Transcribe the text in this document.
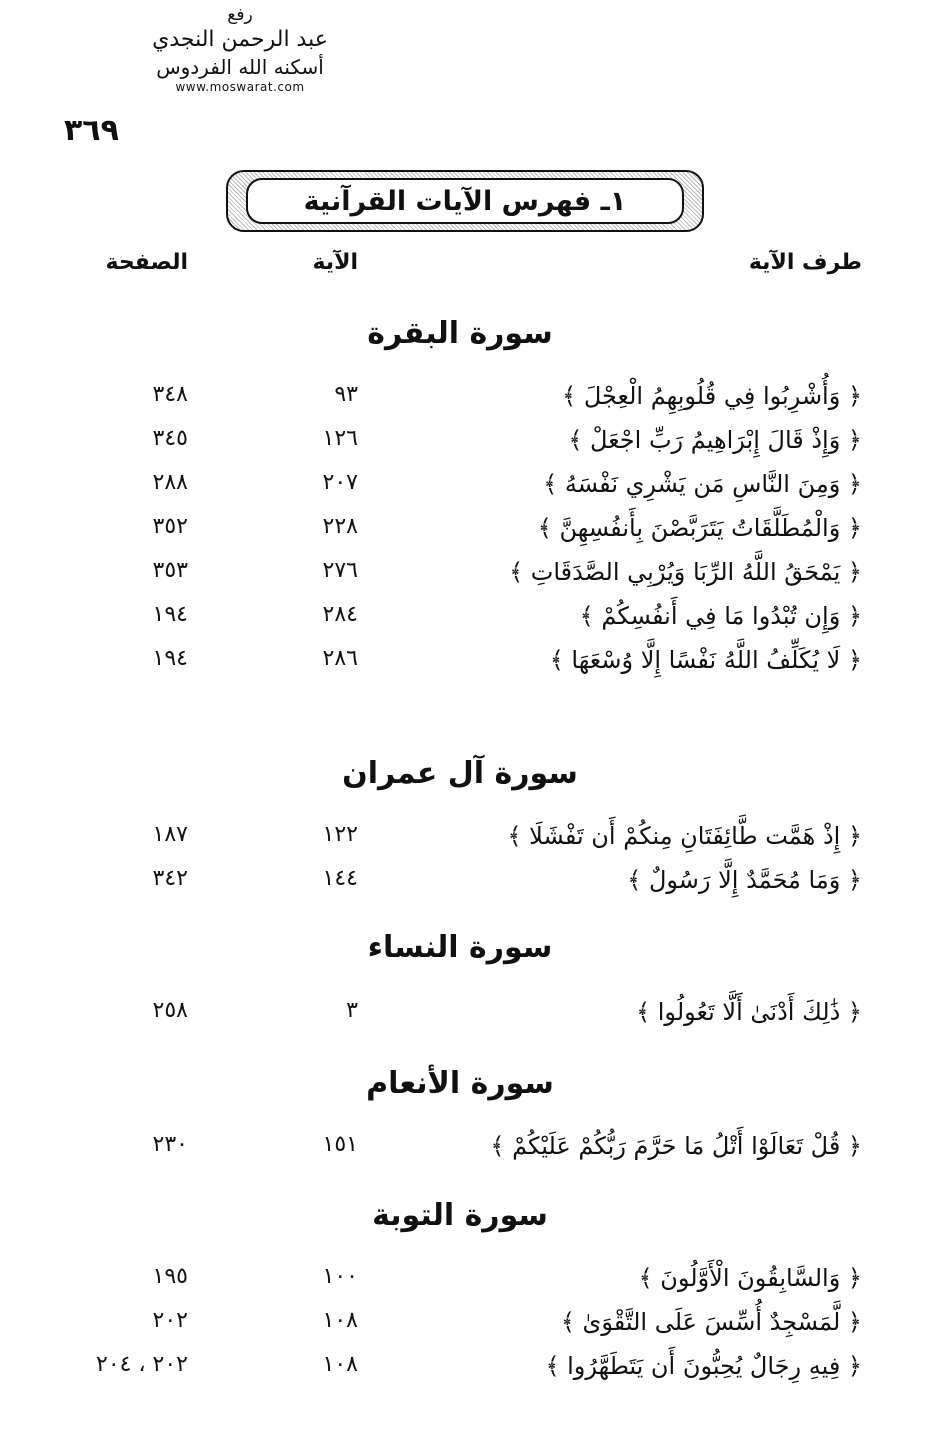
رفع
عبد الرحمن النجدي
أسكنه الله الفردوس
www.moswarat.com
٣٦٩
١ـ فهرس الآيات القرآنية
طرف الآية
الآية
الصفحة
سورة البقرة
﴿ وَأُشْرِبُوا فِي قُلُوبِهِمُ الْعِجْلَ ﴾
٩٣
٣٤٨
﴿ وَإِذْ قَالَ إِبْرَاهِيمُ رَبِّ اجْعَلْ ﴾
١٢٦
٣٤٥
﴿ وَمِنَ النَّاسِ مَن يَشْرِي نَفْسَهُ ﴾
٢٠٧
٢٨٨
﴿ وَالْمُطَلَّقَاتُ يَتَرَبَّصْنَ بِأَنفُسِهِنَّ ﴾
٢٢٨
٣٥٢
﴿ يَمْحَقُ اللَّهُ الرِّبَا وَيُرْبِي الصَّدَقَاتِ ﴾
٢٧٦
٣٥٣
﴿ وَإِن تُبْدُوا مَا فِي أَنفُسِكُمْ ﴾
٢٨٤
١٩٤
﴿ لَا يُكَلِّفُ اللَّهُ نَفْسًا إِلَّا وُسْعَهَا ﴾
٢٨٦
١٩٤
سورة آل عمران
﴿ إِذْ هَمَّت طَّائِفَتَانِ مِنكُمْ أَن تَفْشَلَا ﴾
١٢٢
١٨٧
﴿ وَمَا مُحَمَّدٌ إِلَّا رَسُولٌ ﴾
١٤٤
٣٤٢
سورة النساء
﴿ ذَٰلِكَ أَدْنَىٰ أَلَّا تَعُولُوا ﴾
٣
٢٥٨
سورة الأنعام
﴿ قُلْ تَعَالَوْا أَتْلُ مَا حَرَّمَ رَبُّكُمْ عَلَيْكُمْ ﴾
١٥١
٢٣٠
سورة التوبة
﴿ وَالسَّابِقُونَ الْأَوَّلُونَ ﴾
١٠٠
١٩٥
﴿ لَّمَسْجِدٌ أُسِّسَ عَلَى التَّقْوَىٰ ﴾
١٠٨
٢٠٢
﴿ فِيهِ رِجَالٌ يُحِبُّونَ أَن يَتَطَهَّرُوا ﴾
١٠٨
٢٠٢ ، ٢٠٤
